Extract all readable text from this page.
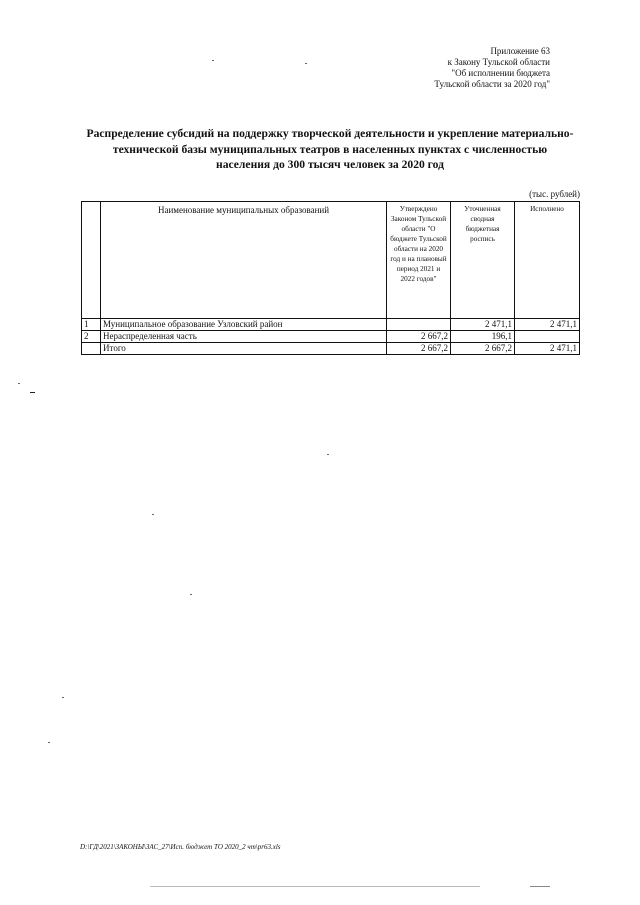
Приложение 63
к Закону Тульской области
"Об исполнении бюджета
Тульской области за 2020 год"
Распределение субсидий на поддержку творческой деятельности и укрепление материально-
технической базы муниципальных театров в населенных пунктах с численностью
населения до 300 тысяч человек за 2020 год
(тыс. рублей)
	Наименование муниципальных образований	Утверждено Законом Тульской области "О бюджете Тульской области на 2020 год и на плановый период 2021 и 2022 годов"	Уточненная сводная бюджетная роспись	Исполнено
1	Муниципальное образование Узловский район		2 471,1	2 471,1
2	Нераспределенная часть	2 667,2	196,1	
	Итого	2 667,2	2 667,2	2 471,1
D:\ГД\2021\ЗАКОНЫ\ЗАС_27\Исп. бюджет ТО 2020_2 чт\pr63.xls
